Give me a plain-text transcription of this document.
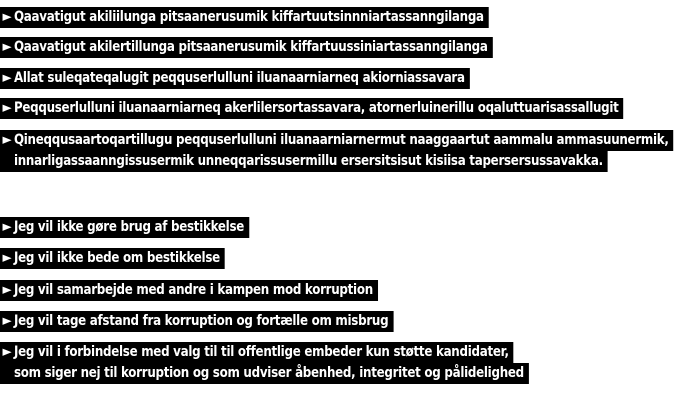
► Qaavatigut akiliilunga pitsaanerusumik kiffartuutsinnniartassanngilanga
► Qaavatigut akilertillunga pitsaanerusumik kiffartuussiniartassanngilanga
► Allat suleqateqalugit peqquserlulluni iluanaarniarneq akiorniassavara
► Peqquserlulluni iluanaarniarneq akerlilersortassavara, atornerluinerillu oqaluttuarisassallugit
► Qineqqusaartoqartillugu peqquserlulluni iluanaarniarnermut naaggaartut aammalu ammasuunermik,
innarligassaanngissusermik unneqqarissusermillu ersersitsisut kisiisa tapersersussavakka.
► Jeg vil ikke gøre brug af bestikkelse
► Jeg vil ikke bede om bestikkelse
► Jeg vil samarbejde med andre i kampen mod korruption
► Jeg vil tage afstand fra korruption og fortælle om misbrug
► Jeg vil i forbindelse med valg til til offentlige embeder kun støtte kandidater,
som siger nej til korruption og som udviser åbenhed, integritet og pålidelighed
